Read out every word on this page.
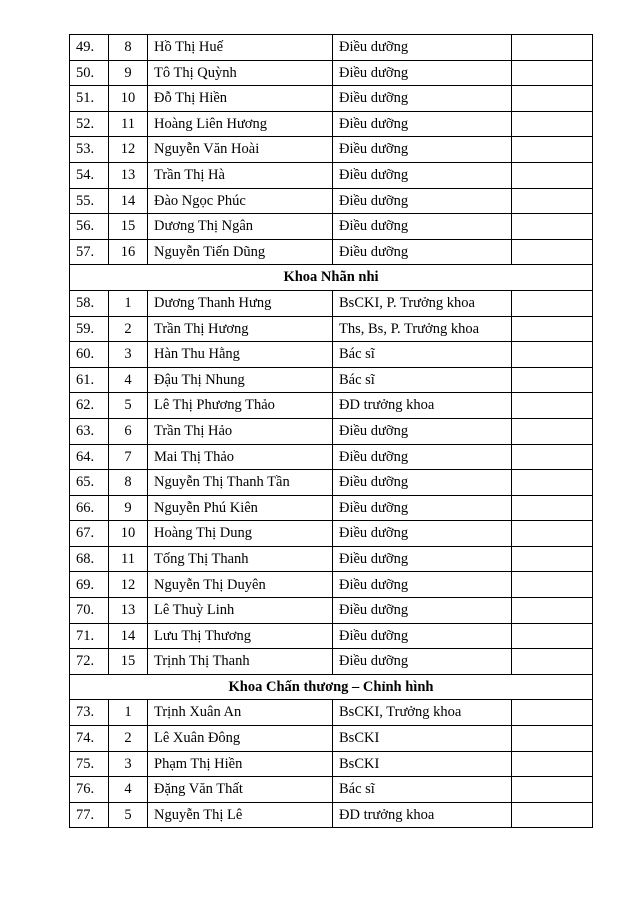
49.	8	Hồ Thị Huế	Điều dưỡng	
50.	9	Tô Thị Quỳnh	Điều dưỡng	
51.	10	Đỗ Thị Hiền	Điều dưỡng	
52.	11	Hoàng Liên Hương	Điều dưỡng	
53.	12	Nguyễn Văn Hoài	Điều dưỡng	
54.	13	Trần Thị Hà	Điều dưỡng	
55.	14	Đào Ngọc Phúc	Điều dưỡng	
56.	15	Dương Thị Ngân	Điều dưỡng	
57.	16	Nguyễn Tiến Dũng	Điều dưỡng	
Khoa Nhãn nhi				
58.	1	Dương Thanh Hưng	BsCKI, P. Trưởng khoa	
59.	2	Trần Thị Hương	Ths, Bs, P. Trưởng khoa	
60.	3	Hàn Thu Hằng	Bác sĩ	
61.	4	Đậu Thị Nhung	Bác sĩ	
62.	5	Lê Thị Phương Thảo	ĐD trưởng khoa	
63.	6	Trần Thị Hảo	Điều dưỡng	
64.	7	Mai Thị Thảo	Điều dưỡng	
65.	8	Nguyễn Thị Thanh Tần	Điều dưỡng	
66.	9	Nguyễn Phú Kiên	Điều dưỡng	
67.	10	Hoàng Thị Dung	Điều dưỡng	
68.	11	Tống Thị Thanh	Điều dưỡng	
69.	12	Nguyễn Thị Duyên	Điều dưỡng	
70.	13	Lê Thuỳ Linh	Điều dưỡng	
71.	14	Lưu Thị Thương	Điều dưỡng	
72.	15	Trịnh Thị Thanh	Điều dưỡng	
Khoa Chấn thương – Chỉnh hình				
73.	1	Trịnh Xuân An	BsCKI, Trưởng khoa	
74.	2	Lê Xuân Đông	BsCKI	
75.	3	Phạm Thị Hiền	BsCKI	
76.	4	Đặng Văn Thất	Bác sĩ	
77.	5	Nguyễn Thị Lê	ĐD trưởng khoa	
